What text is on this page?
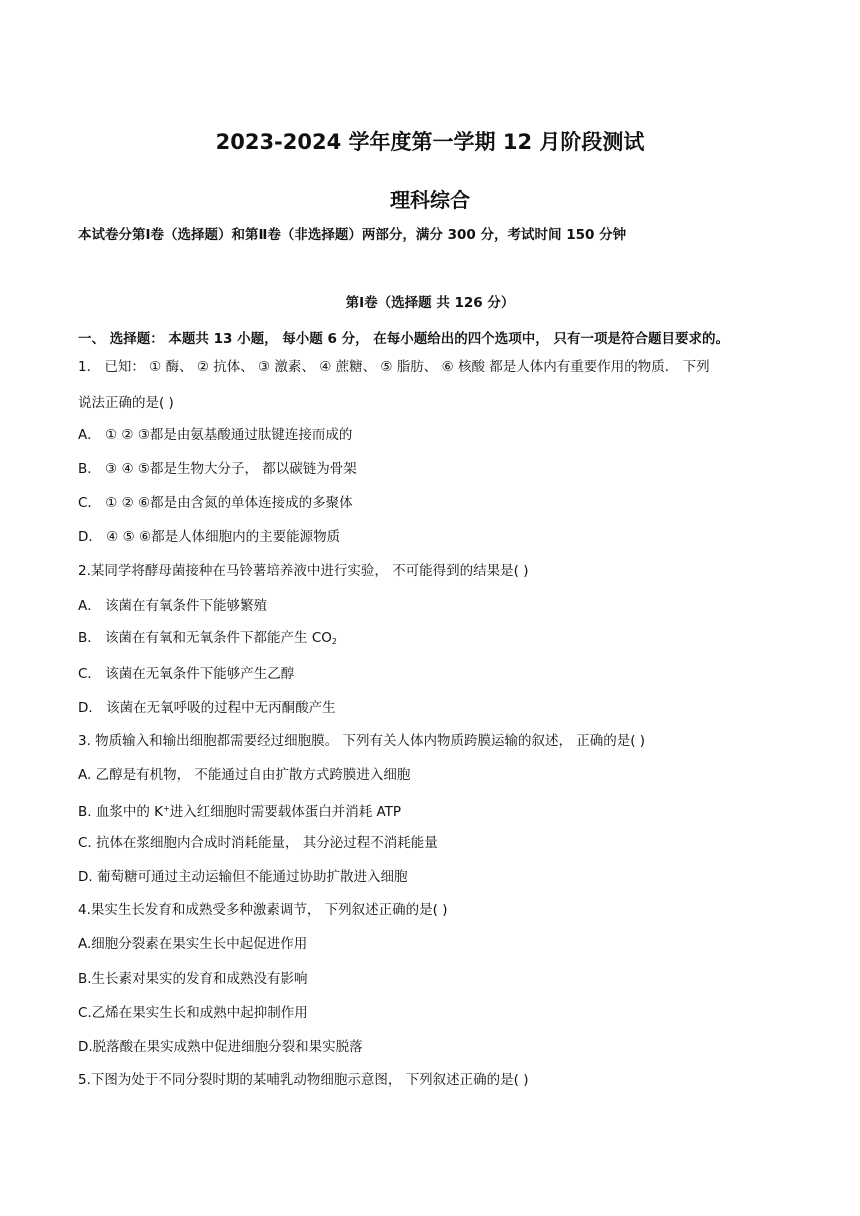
2023-2024 学年度第一学期 12 月阶段测试
理科综合
本试卷分第Ⅰ卷（选择题）和第Ⅱ卷（非选择题）两部分，满分 300 分，考试时间 150 分钟
第Ⅰ卷（选择题 共 126 分）
一、 选择题： 本题共 13 小题， 每小题 6 分， 在每小题给出的四个选项中， 只有一项是符合题目要求的。
1． 已知： ① 酶、 ② 抗体、 ③ 激素、 ④ 蔗糖、 ⑤ 脂肪、 ⑥ 核酸 都是人体内有重要作用的物质． 下列
说法正确的是( )
A． ① ② ③都是由氨基酸通过肽键连接而成的
B． ③ ④ ⑤都是生物大分子， 都以碳链为骨架
C． ① ② ⑥都是由含氮的单体连接成的多聚体
D． ④ ⑤ ⑥都是人体细胞内的主要能源物质
2.某同学将酵母菌接种在马铃薯培养液中进行实验， 不可能得到的结果是( )
A． 该菌在有氧条件下能够繁殖
B． 该菌在有氧和无氧条件下都能产生 $CO_2$
C． 该菌在无氧条件下能够产生乙醇
D． 该菌在无氧呼吸的过程中无丙酮酸产生
3. 物质输入和输出细胞都需要经过细胞膜。 下列有关人体内物质跨膜运输的叙述， 正确的是( )
A. 乙醇是有机物， 不能通过自由扩散方式跨膜进入细胞
B. 血浆中的 K+进入红细胞时需要载体蛋白并消耗 ATP
C. 抗体在浆细胞内合成时消耗能量， 其分泌过程不消耗能量
D. 葡萄糖可通过主动运输但不能通过协助扩散进入细胞
4.果实生长发育和成熟受多种激素调节， 下列叙述正确的是( )
A.细胞分裂素在果实生长中起促进作用
B.生长素对果实的发育和成熟没有影响
C.乙烯在果实生长和成熟中起抑制作用
D.脱落酸在果实成熟中促进细胞分裂和果实脱落
5.下图为处于不同分裂时期的某哺乳动物细胞示意图， 下列叙述正确的是( )
